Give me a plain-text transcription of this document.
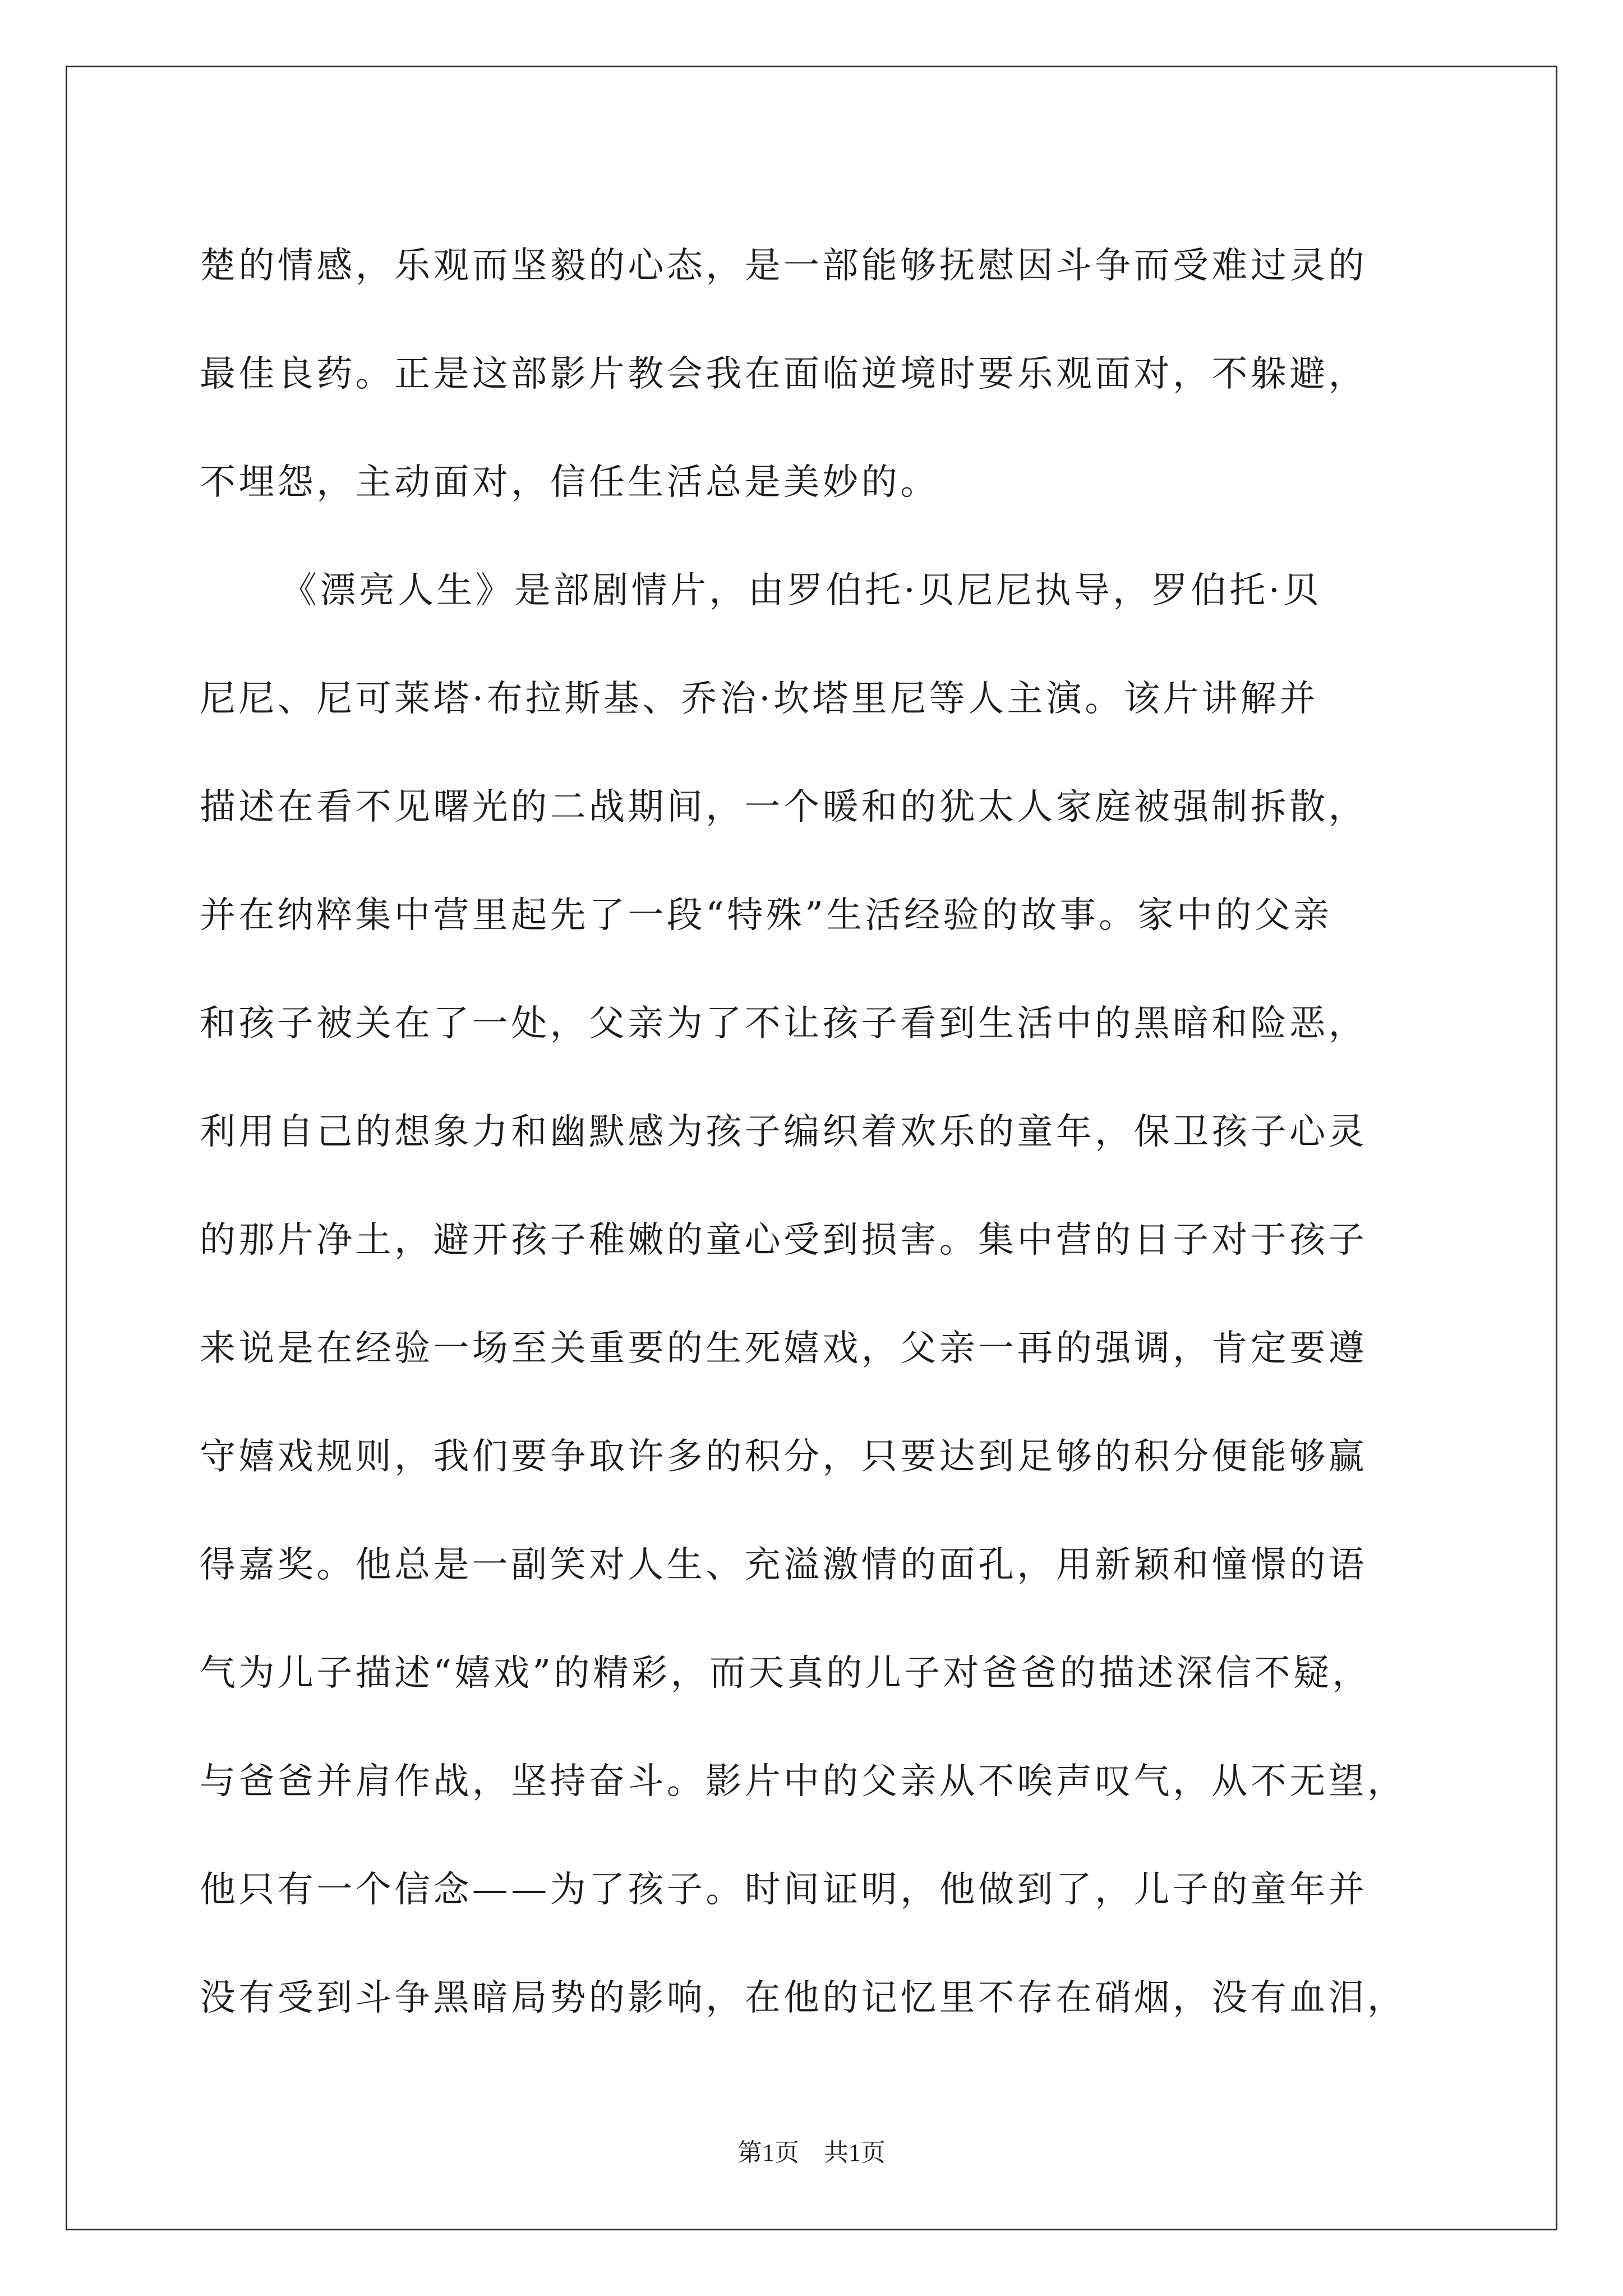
楚的情感，乐观而坚毅的心态，是一部能够抚慰因斗争而受难过灵的
最佳良药。正是这部影片教会我在面临逆境时要乐观面对，不躲避，
不埋怨，主动面对，信任生活总是美妙的。
《漂亮人生》是部剧情片，由罗伯托·贝尼尼执导，罗伯托·贝
尼尼、尼可莱塔·布拉斯基、乔治·坎塔里尼等人主演。该片讲解并
描述在看不见曙光的二战期间，一个暖和的犹太人家庭被强制拆散，
并在纳粹集中营里起先了一段“特殊”生活经验的故事。家中的父亲
和孩子被关在了一处，父亲为了不让孩子看到生活中的黑暗和险恶，
利用自己的想象力和幽默感为孩子编织着欢乐的童年，保卫孩子心灵
的那片净土，避开孩子稚嫩的童心受到损害。集中营的日子对于孩子
来说是在经验一场至关重要的生死嬉戏，父亲一再的强调，肯定要遵
守嬉戏规则，我们要争取许多的积分，只要达到足够的积分便能够赢
得嘉奖。他总是一副笑对人生、充溢激情的面孔，用新颖和憧憬的语
气为儿子描述“嬉戏”的精彩，而天真的儿子对爸爸的描述深信不疑，
与爸爸并肩作战，坚持奋斗。影片中的父亲从不唉声叹气，从不无望，
他只有一个信念——为了孩子。时间证明，他做到了，儿子的童年并
没有受到斗争黑暗局势的影响，在他的记忆里不存在硝烟，没有血泪，
第1页 共1页
